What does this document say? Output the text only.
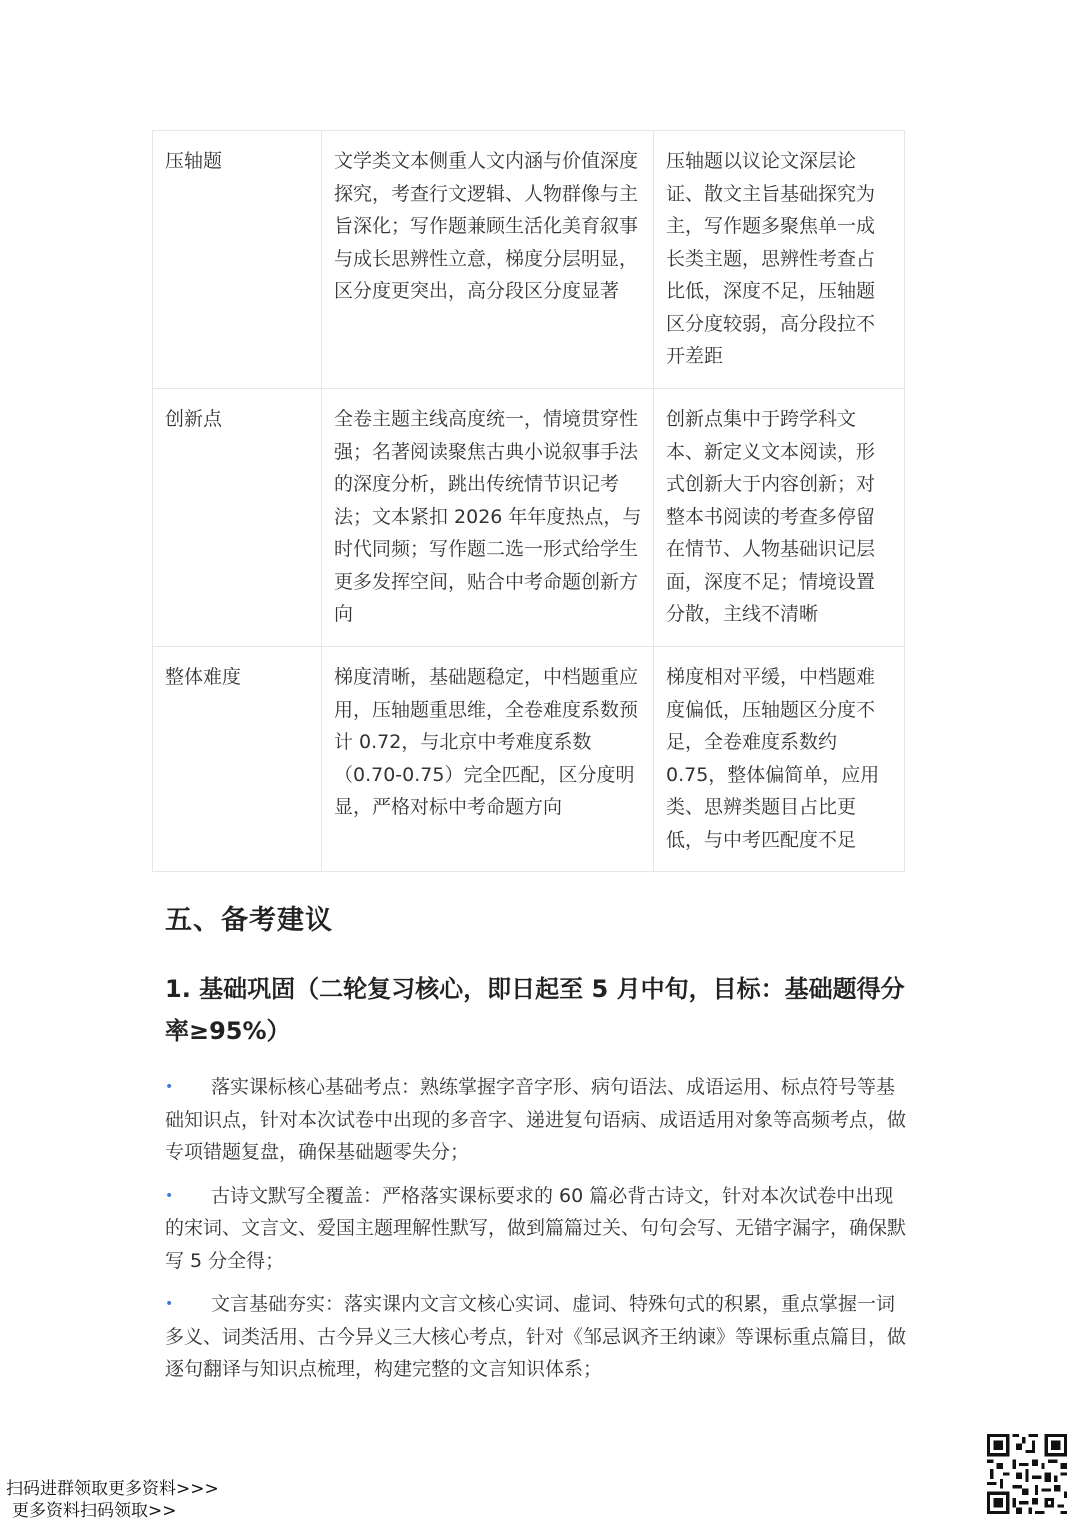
压轴题	文学类文本侧重人文内涵与价值深度探究，考查行文逻辑、人物群像与主旨深化；写作题兼顾生活化美育叙事与成长思辨性立意，梯度分层明显，区分度更突出，高分段区分度显著	压轴题以议论文深层论证、散文主旨基础探究为主，写作题多聚焦单一成长类主题，思辨性考查占比低，深度不足，压轴题区分度较弱，高分段拉不开差距
创新点	全卷主题主线高度统一，情境贯穿性强；名著阅读聚焦古典小说叙事手法的深度分析，跳出传统情节识记考法；文本紧扣 2026 年年度热点，与时代同频；写作题二选一形式给学生更多发挥空间，贴合中考命题创新方向	创新点集中于跨学科文本、新定义文本阅读，形式创新大于内容创新；对整本书阅读的考查多停留在情节、人物基础识记层面，深度不足；情境设置分散，主线不清晰
整体难度	梯度清晰，基础题稳定，中档题重应用，压轴题重思维，全卷难度系数预计 0.72，与北京中考难度系数（0.70-0.75）完全匹配，区分度明显，严格对标中考命题方向	梯度相对平缓，中档题难度偏低，压轴题区分度不足，全卷难度系数约 0.75，整体偏简单，应用类、思辨类题目占比更低，与中考匹配度不足
五、备考建议
1. 基础巩固（二轮复习核心，即日起至 5 月中旬，目标：基础题得分率≥95%）
• 落实课标核心基础考点：熟练掌握字音字形、病句语法、成语运用、标点符号等基础知识点，针对本次试卷中出现的多音字、递进复句语病、成语适用对象等高频考点，做专项错题复盘，确保基础题零失分；
• 古诗文默写全覆盖：严格落实课标要求的 60 篇必背古诗文，针对本次试卷中出现的宋词、文言文、爱国主题理解性默写，做到篇篇过关、句句会写、无错字漏字，确保默写 5 分全得；
• 文言基础夯实：落实课内文言文核心实词、虚词、特殊句式的积累，重点掌握一词多义、词类活用、古今异义三大核心考点，针对《邹忌讽齐王纳谏》等课标重点篇目，做逐句翻译与知识点梳理，构建完整的文言知识体系；
扫码进群领取更多资料>>>
更多资料扫码领取>>
